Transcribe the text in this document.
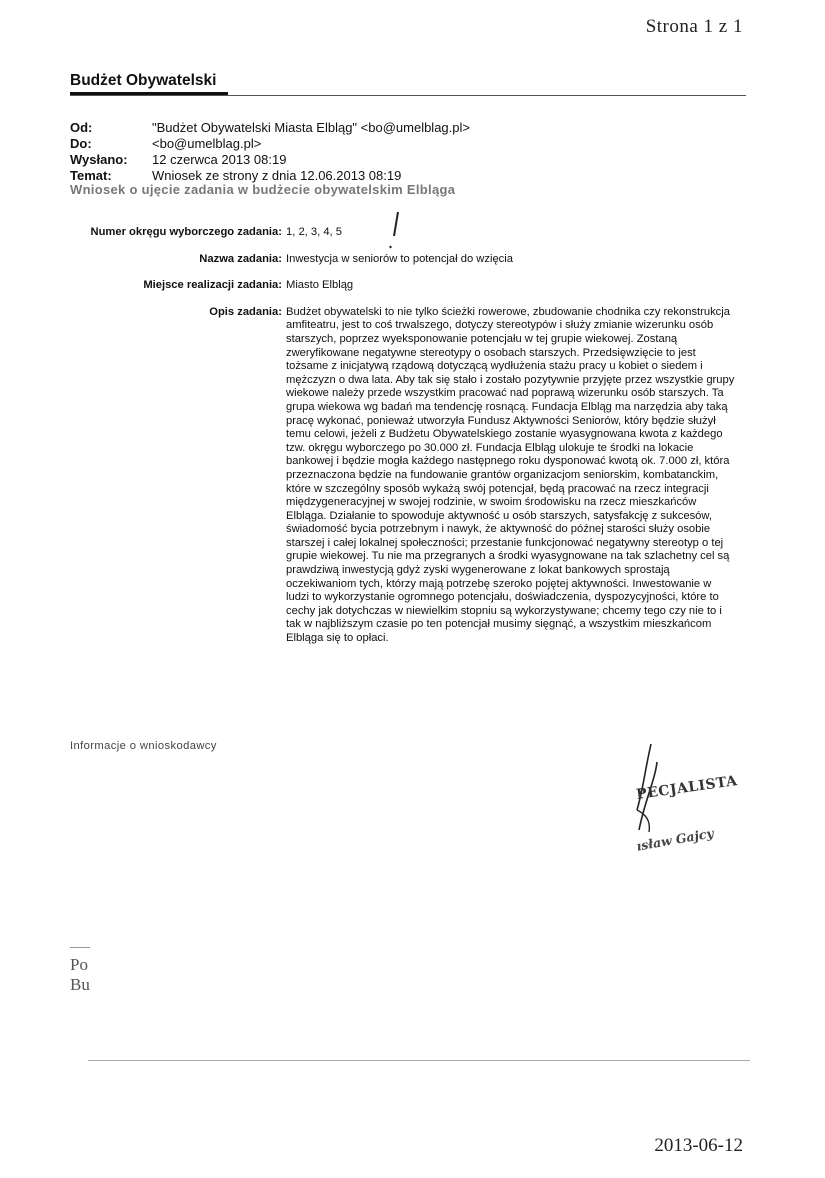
Strona 1 z 1
Budżet Obywatelski
Od:	"Budżet Obywatelski Miasta Elbląg" <bo@umelblag.pl>
Do:	<bo@umelblag.pl>
Wysłano:	12 czerwca 2013 08:19
Temat:	Wniosek ze strony z dnia 12.06.2013 08:19
Wniosek o ujęcie zadania w budżecie obywatelskim Elbląga
Numer okręgu wyborczego zadania: 1, 2, 3, 4, 5
Nazwa zadania: Inwestycja w seniorów to potencjał do wzięcia
Miejsce realizacji zadania: Miasto Elbląg
Opis zadania: Budżet obywatelski to nie tylko ścieżki rowerowe, zbudowanie chodnika czy rekonstrukcja amfiteatru, jest to coś trwalszego, dotyczy stereotypów i służy zmianie wizerunku osób starszych, poprzez wyeksponowanie potencjału w tej grupie wiekowej. Zostaną zweryfikowane negatywne stereotypy o osobach starszych. Przedsięwzięcie to jest tożsame z inicjatywą rządową dotyczącą wydłużenia stażu pracy u kobiet o siedem i mężczyzn o dwa lata. Aby tak się stało i zostało pozytywnie przyjęte przez wszystkie grupy wiekowe należy przede wszystkim pracować nad poprawą wizerunku osób starszych. Ta grupa wiekowa wg badań ma tendencję rosnącą. Fundacja Elbląg ma narzędzia aby taką pracę wykonać, ponieważ utworzyła Fundusz Aktywności Seniorów, który będzie służył temu celowi, jeżeli z Budżetu Obywatelskiego zostanie wyasygnowana kwota z każdego tzw. okręgu wyborczego po 30.000 zł. Fundacja Elbląg ulokuje te środki na lokacie bankowej i będzie mogła każdego następnego roku dysponować kwotą ok. 7.000 zł, która przeznaczona będzie na fundowanie grantów organizacjom seniorskim, kombatanckim, które w szczególny sposób wykażą swój potencjał, będą pracować na rzecz integracji międzygeneracyjnej w swojej rodzinie, w swoim środowisku na rzecz mieszkańców Elbląga. Działanie to spowoduje aktywność u osób starszych, satysfakcję z sukcesów, świadomość bycia potrzebnym i nawyk, że aktywność do późnej starości służy osobie starszej i całej lokalnej społeczności; przestanie funkcjonować negatywny stereotyp o tej grupie wiekowej. Tu nie ma przegranych a środki wyasygnowane na tak szlachetny cel są prawdziwą inwestycją gdyż zyski wygenerowane z lokat bankowych sprostają oczekiwaniom tych, którzy mają potrzebę szeroko pojętej aktywności. Inwestowanie w ludzi to wykorzystanie ogromnego potencjału, doświadczenia, dyspozycyjności, które to cechy jak dotychczas w niewielkim stopniu są wykorzystywane; chcemy tego czy nie to i tak w najbliższym czasie po ten potencjał musimy sięgnąć, a wszystkim mieszkańcom Elbląga się to opłaci.
Informacje o wnioskodawcy
PECJALISTA
ısław Gajcy
Po
Bu
2013-06-12
